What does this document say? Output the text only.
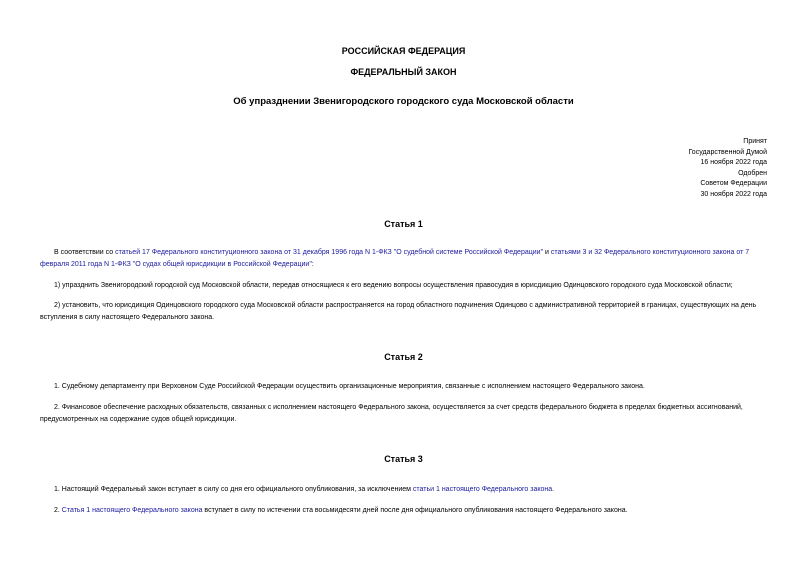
РОССИЙСКАЯ ФЕДЕРАЦИЯ
ФЕДЕРАЛЬНЫЙ ЗАКОН
Об упразднении Звенигородского городского суда Московской области
Принят
Государственной Думой
16 ноября 2022 года
Одобрен
Советом Федерации
30 ноября 2022 года
Статья 1
В соответствии со статьей 17 Федерального конституционного закона от 31 декабря 1996 года N 1-ФКЗ "О судебной системе Российской Федерации" и статьями 3 и 32 Федерального конституционного закона от 7 февраля 2011 года N 1-ФКЗ "О судах общей юрисдикции в Российской Федерации":
1) упразднить Звенигородский городской суд Московской области, передав относящиеся к его ведению вопросы осуществления правосудия в юрисдикцию Одинцовского городского суда Московской области;
2) установить, что юрисдикция Одинцовского городского суда Московской области распространяется на город областного подчинения Одинцово с административной территорией в границах, существующих на день вступления в силу настоящего Федерального закона.
Статья 2
1. Судебному департаменту при Верховном Суде Российской Федерации осуществить организационные мероприятия, связанные с исполнением настоящего Федерального закона.
2. Финансовое обеспечение расходных обязательств, связанных с исполнением настоящего Федерального закона, осуществляется за счет средств федерального бюджета в пределах бюджетных ассигнований, предусмотренных на содержание судов общей юрисдикции.
Статья 3
1. Настоящий Федеральный закон вступает в силу со дня его официального опубликования, за исключением статьи 1 настоящего Федерального закона.
2. Статья 1 настоящего Федерального закона вступает в силу по истечении ста восьмидесяти дней после дня официального опубликования настоящего Федерального закона.
